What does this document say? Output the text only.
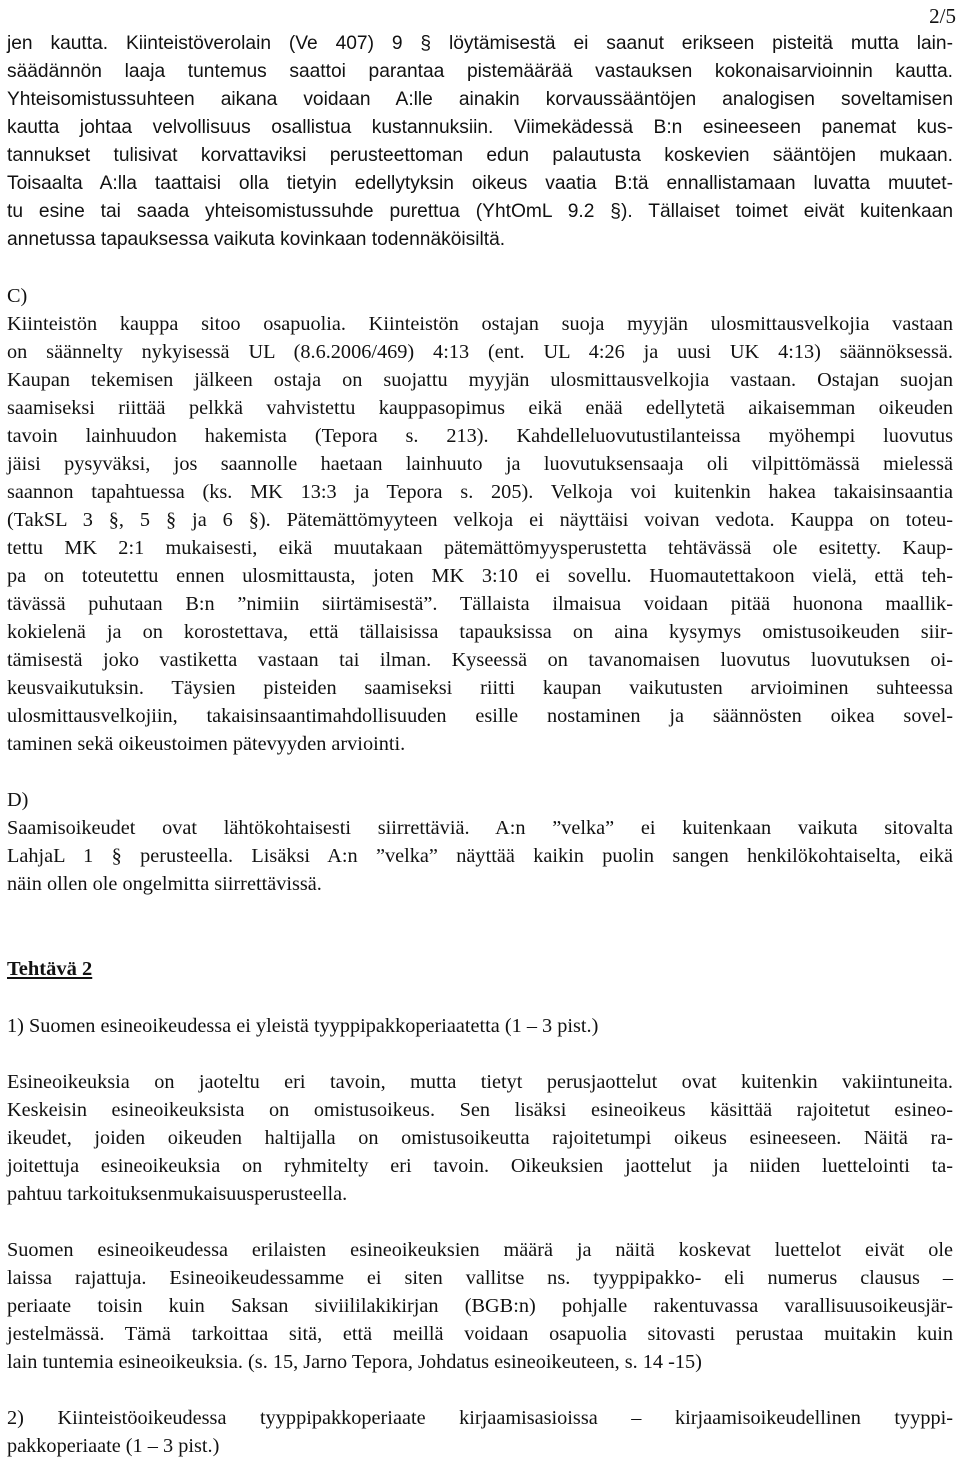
2/5
jen kautta. Kiinteistöverolain (Ve 407) 9 § löytämisestä ei saanut erikseen pisteitä mutta lain-
säädännön laaja tuntemus saattoi parantaa pistemäärää vastauksen kokonaisarvioinnin kautta.
Yhteisomistussuhteen aikana voidaan A:lle ainakin korvaussääntöjen analogisen soveltamisen
kautta johtaa velvollisuus osallistua kustannuksiin. Viimekädessä B:n esineeseen panemat kus-
tannukset tulisivat korvattaviksi perusteettoman edun palautusta koskevien sääntöjen mukaan.
Toisaalta A:lla taattaisi olla tietyin edellytyksin oikeus vaatia B:tä ennallistamaan luvatta muutet-
tu esine tai saada yhteisomistussuhde purettua (YhtOmL 9.2 §). Tällaiset toimet eivät kuitenkaan
annetussa tapauksessa vaikuta kovinkaan todennäköisiltä.
C)
Kiinteistön kauppa sitoo osapuolia. Kiinteistön ostajan suoja myyjän ulosmittausvelkojia vastaan
on säännelty nykyisessä UL (8.6.2006/469) 4:13 (ent. UL 4:26 ja uusi UK 4:13) säännöksessä.
Kaupan tekemisen jälkeen ostaja on suojattu myyjän ulosmittausvelkojia vastaan. Ostajan suojan
saamiseksi riittää pelkkä vahvistettu kauppasopimus eikä enää edellytetä aikaisemman oikeuden
tavoin lainhuudon hakemista (Tepora s. 213). Kahdelleluovutustilanteissa myöhempi luovutus
jäisi pysyväksi, jos saannolle haetaan lainhuuto ja luovutuksensaaja oli vilpittömässä mielessä
saannon tapahtuessa (ks. MK 13:3 ja Tepora s. 205). Velkoja voi kuitenkin hakea takaisinsaantia
(TakSL 3 §, 5 § ja 6 §). Pätemättömyyteen velkoja ei näyttäisi voivan vedota. Kauppa on toteu-
tettu MK 2:1 mukaisesti, eikä muutakaan pätemättömyysperustetta tehtävässä ole esitetty. Kaup-
pa on toteutettu ennen ulosmittausta, joten MK 3:10 ei sovellu. Huomautettakoon vielä, että teh-
tävässä puhutaan B:n ”nimiin siirtämisestä”. Tällaista ilmaisua voidaan pitää huonona maallik-
kokielenä ja on korostettava, että tällaisissa tapauksissa on aina kysymys omistusoikeuden siir-
tämisestä joko vastiketta vastaan tai ilman. Kyseessä on tavanomaisen luovutus luovutuksen oi-
keusvaikutuksin. Täysien pisteiden saamiseksi riitti kaupan vaikutusten arvioiminen suhteessa
ulosmittausvelkojiin, takaisinsaantimahdollisuuden esille nostaminen ja säännösten oikea sovel-
taminen sekä oikeustoimen pätevyyden arviointi.
D)
Saamisoikeudet ovat lähtökohtaisesti siirrettäviä. A:n ”velka” ei kuitenkaan vaikuta sitovalta
LahjaL 1 § perusteella. Lisäksi A:n ”velka” näyttää kaikin puolin sangen henkilökohtaiselta, eikä
näin ollen ole ongelmitta siirrettävissä.
Tehtävä 2
1) Suomen esineoikeudessa ei yleistä tyyppipakkoperiaatetta (1 – 3 pist.)
Esineoikeuksia on jaoteltu eri tavoin, mutta tietyt perusjaottelut ovat kuitenkin vakiintuneita.
Keskeisin esineoikeuksista on omistusoikeus. Sen lisäksi esineoikeus käsittää rajoitetut esineo-
ikeudet, joiden oikeuden haltijalla on omistusoikeutta rajoitetumpi oikeus esineeseen. Näitä ra-
joitettuja esineoikeuksia on ryhmitelty eri tavoin. Oikeuksien jaottelut ja niiden luettelointi ta-
pahtuu tarkoituksenmukaisuusperusteella.
Suomen esineoikeudessa erilaisten esineoikeuksien määrä ja näitä koskevat luettelot eivät ole
laissa rajattuja. Esineoikeudessamme ei siten vallitse ns. tyyppipakko- eli numerus clausus –
periaate toisin kuin Saksan siviililakikirjan (BGB:n) pohjalle rakentuvassa varallisuusoikeusjär-
jestelmässä. Tämä tarkoittaa sitä, että meillä voidaan osapuolia sitovasti perustaa muitakin kuin
lain tuntemia esineoikeuksia. (s. 15, Jarno Tepora, Johdatus esineoikeuteen, s. 14 -15)
2) Kiinteistöoikeudessa tyyppipakkoperiaate kirjaamisasioissa – kirjaamisoikeudellinen tyyppi-
pakkoperiaate (1 – 3 pist.)
